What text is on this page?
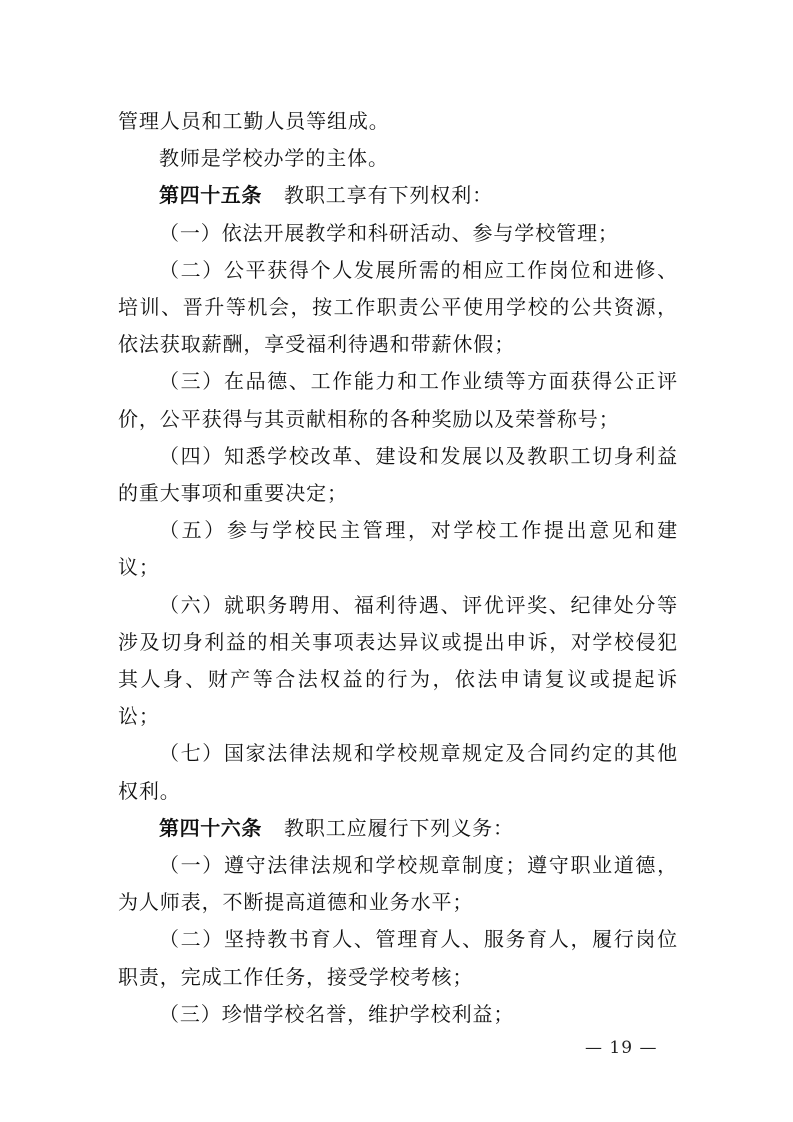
管理人员和工勤人员等组成。

教师是学校办学的主体。

第四十五条 教职工享有下列权利：

（一）依法开展教学和科研活动、参与学校管理；

（二）公平获得个人发展所需的相应工作岗位和进修、培训、晋升等机会，按工作职责公平使用学校的公共资源，依法获取薪酬，享受福利待遇和带薪休假；

（三）在品德、工作能力和工作业绩等方面获得公正评价，公平获得与其贡献相称的各种奖励以及荣誉称号；

（四）知悉学校改革、建设和发展以及教职工切身利益的重大事项和重要决定；

（五）参与学校民主管理，对学校工作提出意见和建议；

（六）就职务聘用、福利待遇、评优评奖、纪律处分等涉及切身利益的相关事项表达异议或提出申诉，对学校侵犯其人身、财产等合法权益的行为，依法申请复议或提起诉讼；

（七）国家法律法规和学校规章规定及合同约定的其他权利。

第四十六条 教职工应履行下列义务：

（一）遵守法律法规和学校规章制度；遵守职业道德，为人师表，不断提高道德和业务水平；

（二）坚持教书育人、管理育人、服务育人，履行岗位职责，完成工作任务，接受学校考核；

（三）珍惜学校名誉，维护学校利益；

— 19 —
